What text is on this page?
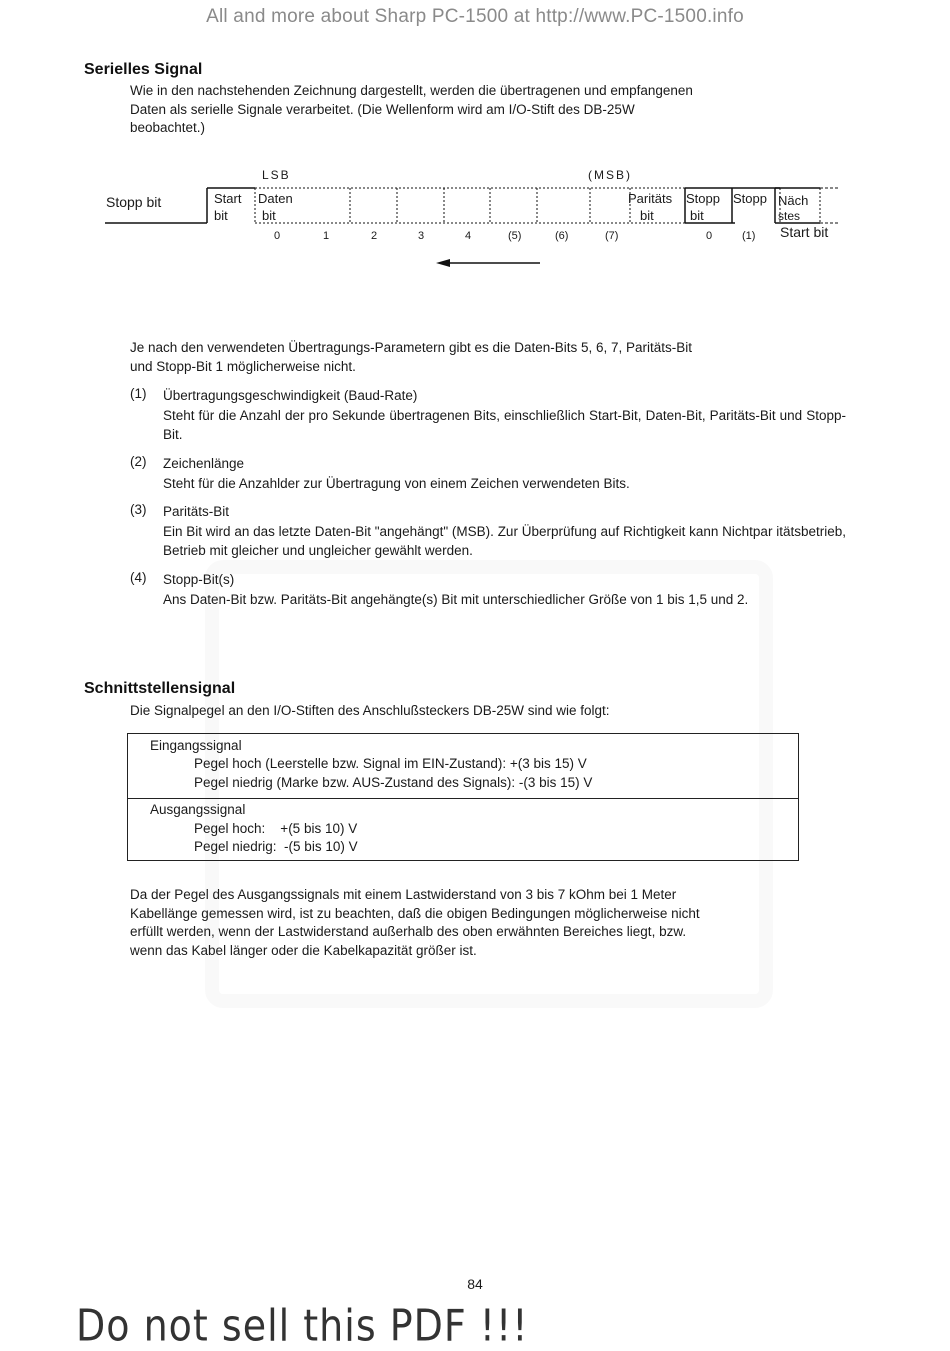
All and more about Sharp PC-1500 at http://www.PC-1500.info
Serielles Signal
Wie in den nachstehenden Zeichnung dargestellt, werden die übertragenen und empfangenen
Daten als serielle Signale verarbeitet. (Die Wellenform wird am I/O-Stift des DB-25W
beobachtet.)
LSB	(MSB)
Stopp bit	Start
bit
Daten
bit
Paritäts
bit
Stopp
bit
Stopp Näch
stes
0	1	2	3	4	(5)	(6)	(7)	0	(1) Start bit
Je nach den verwendeten Übertragungs-Parametern gibt es die Daten-Bits 5, 6, 7, Paritäts-Bit
und Stopp-Bit 1 möglicherweise nicht.
(1) Übertragungsgeschwindigkeit (Baud-Rate)
Steht für die Anzahl der pro Sekunde übertragenen Bits, einschließlich Start-Bit, Daten-Bit, Paritäts-Bit und Stopp-Bit.
(2) Zeichenlänge
Steht für die Anzahlder zur Übertragung von einem Zeichen verwendeten Bits.
(3) Paritäts-Bit
Ein Bit wird an das letzte Daten-Bit "angehängt" (MSB). Zur Überprüfung auf Richtigkeit kann Nichtpar itätsbetrieb, Betrieb mit gleicher und ungleicher gewählt werden.
(4) Stopp-Bit(s)
Ans Daten-Bit bzw. Paritäts-Bit angehängte(s) Bit mit unterschiedlicher Größe von 1 bis 1,5 und 2.
Schnittstellensignal
Die Signalpegel an den I/O-Stiften des Anschlußsteckers DB-25W sind wie folgt:
Eingangssignal
Pegel hoch (Leerstelle bzw. Signal im EIN-Zustand): +(3 bis 15) V
Pegel niedrig (Marke bzw. AUS-Zustand des Signals): -(3 bis 15) V
Ausgangssignal
Pegel hoch:    +(5 bis 10) V
Pegel niedrig:  -(5 bis 10) V
Da der Pegel des Ausgangssignals mit einem Lastwiderstand von 3 bis 7 kOhm bei 1 Meter
Kabellänge gemessen wird, ist zu beachten, daß die obigen Bedingungen möglicherweise nicht
erfüllt werden, wenn der Lastwiderstand außerhalb des oben erwähnten Bereiches liegt, bzw.
wenn das Kabel länger oder die Kabelkapazität größer ist.
84
Do not sell this PDF !!!
